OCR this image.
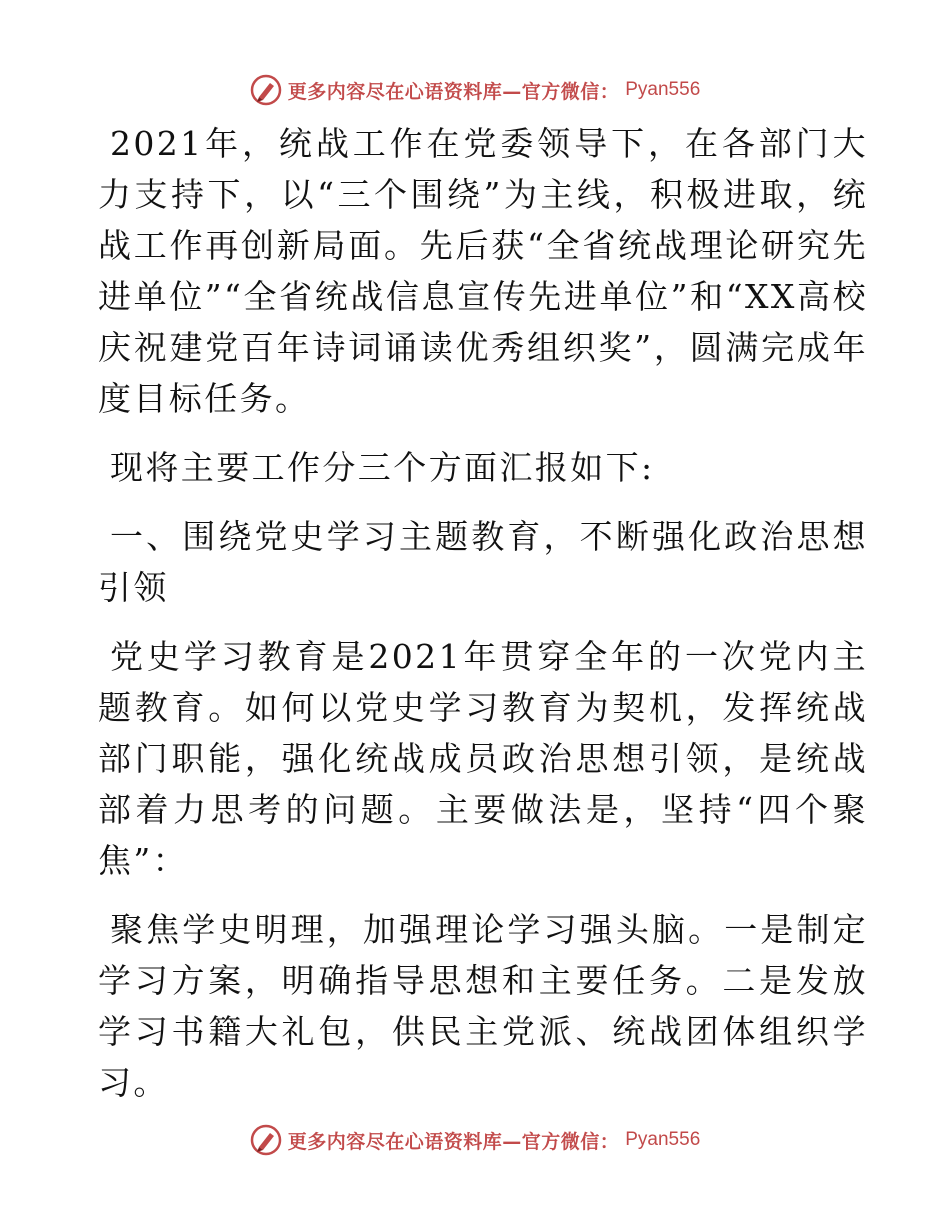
更多内容尽在心语资料库—官方微信： Pyan556

2021年，统战工作在党委领导下，在各部门大力支持下，以“三个围绕”为主线，积极进取，统战工作再创新局面。先后获“全省统战理论研究先进单位”“全省统战信息宣传先进单位”和“XX高校庆祝建党百年诗词诵读优秀组织奖”，圆满完成年度目标任务。

现将主要工作分三个方面汇报如下:

一、围绕党史学习主题教育，不断强化政治思想引领

党史学习教育是2021年贯穿全年的一次党内主题教育。如何以党史学习教育为契机，发挥统战部门职能，强化统战成员政治思想引领，是统战部着力思考的问题。主要做法是，坚持“四个聚焦”：

聚焦学史明理，加强理论学习强头脑。一是制定学习方案，明确指导思想和主要任务。二是发放学习书籍大礼包，供民主党派、统战团体组织学习。

更多内容尽在心语资料库—官方微信： Pyan556
